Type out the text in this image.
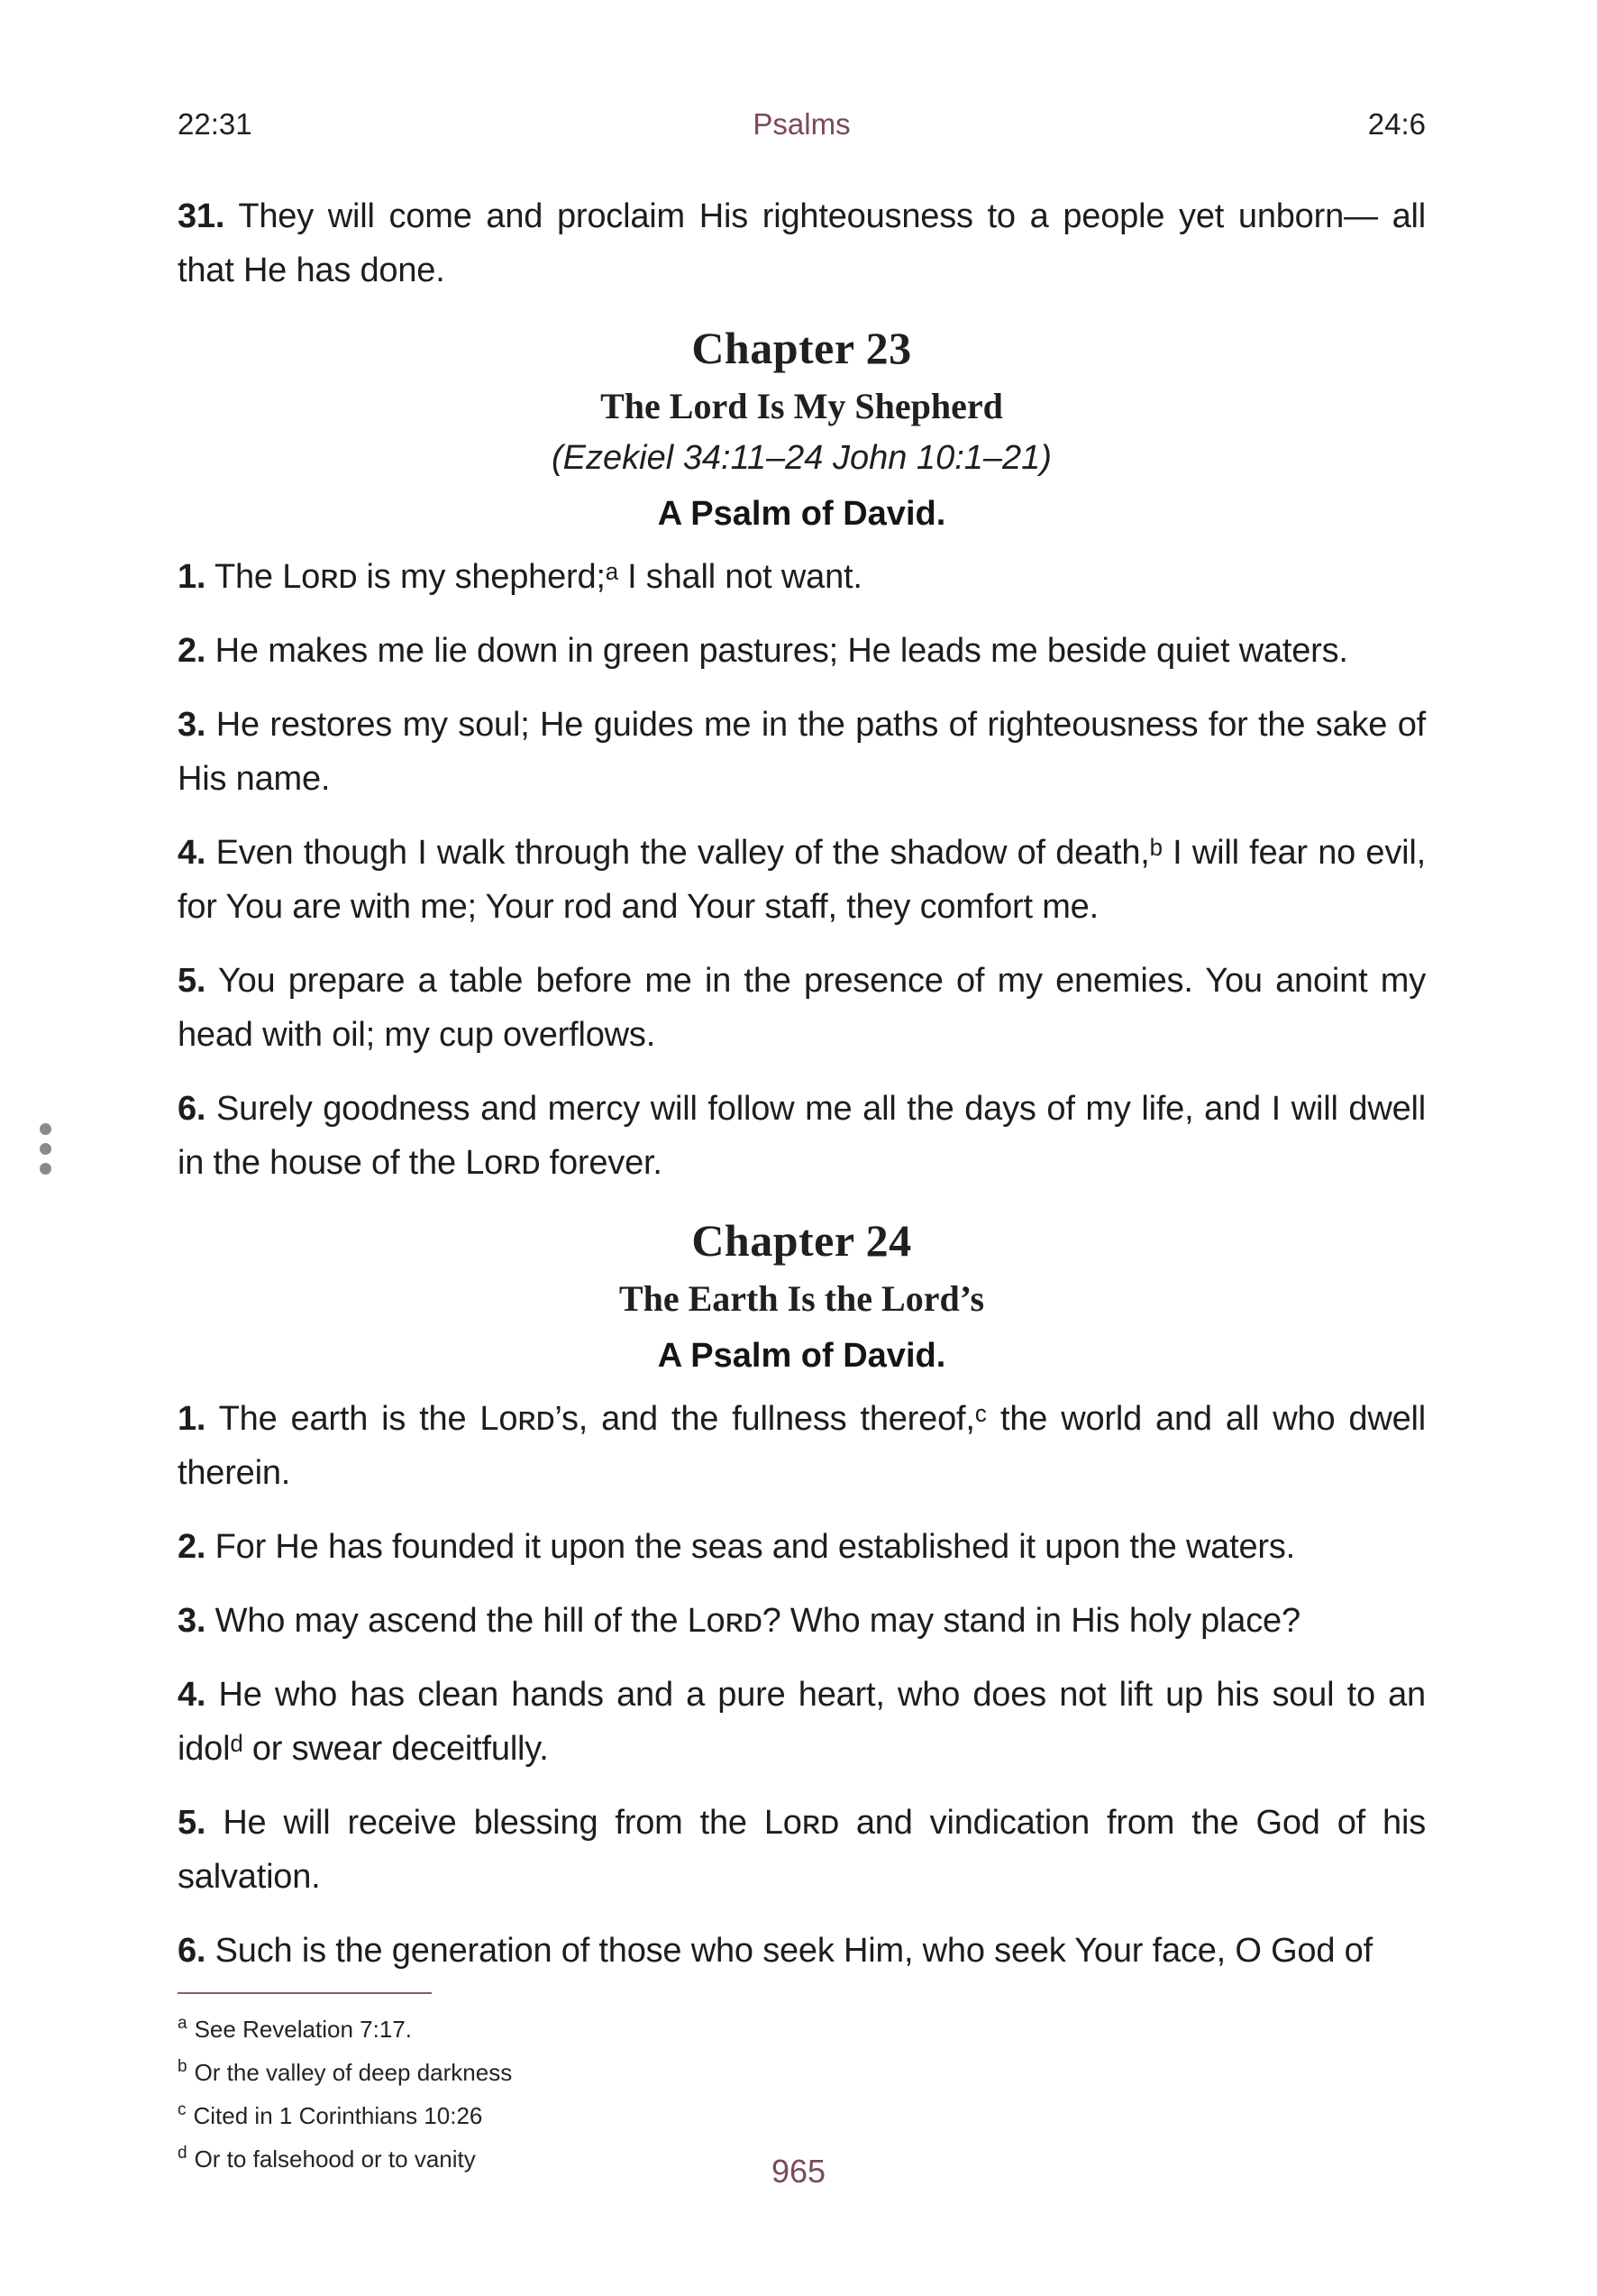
22:31	Psalms	24:6

31. They will come and proclaim His righteousness to a people yet unborn— all that He has done.

Chapter 23
The Lord Is My Shepherd

(Ezekiel 34:11–24 John 10:1–21)

A Psalm of David.

1. The Lᴏʀᴅ is my shepherd;ᵃ I shall not want.

2. He makes me lie down in green pastures; He leads me beside quiet waters.

3. He restores my soul; He guides me in the paths of righteousness for the sake of His name.

4. Even though I walk through the valley of the shadow of death,ᵇ I will fear no evil, for You are with me; Your rod and Your staff, they comfort me.

5. You prepare a table before me in the presence of my enemies. You anoint my head with oil; my cup overflows.

6. Surely goodness and mercy will follow me all the days of my life, and I will dwell in the house of the Lᴏʀᴅ forever.

Chapter 24
The Earth Is the Lord’s

A Psalm of David.

1. The earth is the Lᴏʀᴅ’s, and the fullness thereof,ᶜ the world and all who dwell therein.

2. For He has founded it upon the seas and established it upon the waters.

3. Who may ascend the hill of the Lᴏʀᴅ? Who may stand in His holy place?

4. He who has clean hands and a pure heart, who does not lift up his soul to an idolᵈ or swear deceitfully.

5. He will receive blessing from the Lᴏʀᴅ and vindication from the God of his salvation.

6. Such is the generation of those who seek Him, who seek Your face, O God of

$^a$ See Revelation 7:17.

$^b$ Or the valley of deep darkness

$^c$ Cited in 1 Corinthians 10:26

$^d$ Or to falsehood or to vanity	965
